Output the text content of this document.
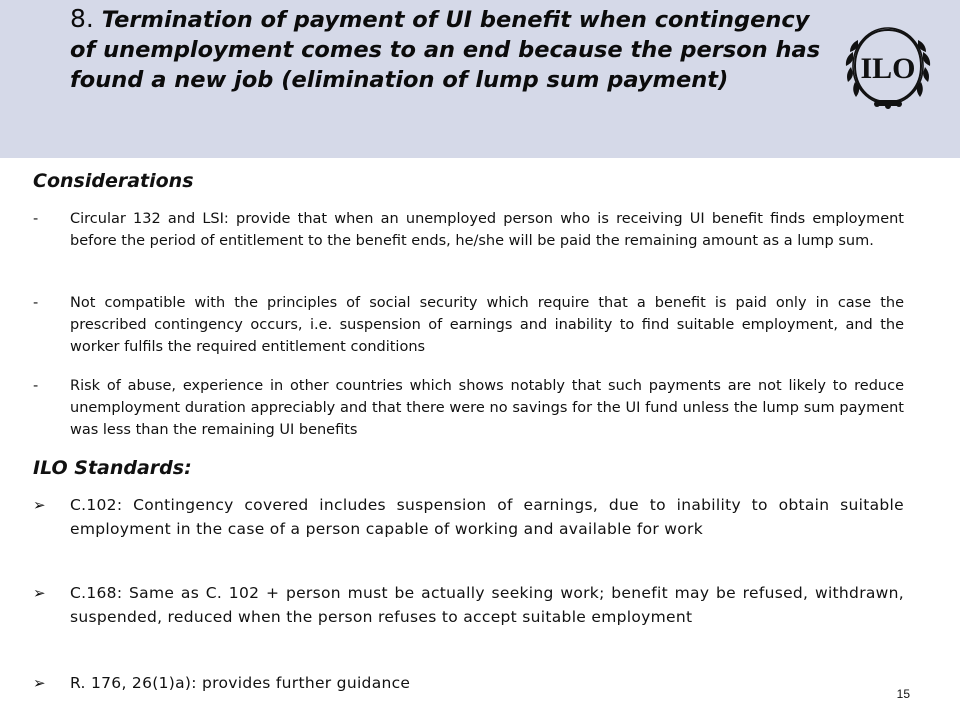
8. Termination of payment of UI benefit when contingency of unemployment comes to an end because the person has found a new job (elimination of lump sum payment)	ILO
Considerations
-	Circular 132 and LSI: provide that when an unemployed person who is receiving UI benefit finds employment before the period of entitlement to the benefit ends, he/she will be paid the remaining amount as a lump sum.
-	Not compatible with the principles of social security which require that a benefit is paid only in case the prescribed contingency occurs, i.e. suspension of earnings and inability to find suitable employment, and the worker fulfils the required entitlement conditions
-	Risk of abuse, experience in other countries which shows notably that such payments are not likely to reduce unemployment duration appreciably and that there were no savings for the UI fund unless the lump sum payment was less than the remaining UI benefits
ILO Standards:
➢	C.102: Contingency covered includes suspension of earnings, due to inability to obtain suitable employment in the case of a person capable of working and available for work
➢	C.168: Same as C. 102 + person must be actually seeking work; benefit may be refused, withdrawn, suspended, reduced when the person refuses to accept suitable employment
➢	R. 176, 26(1)a): provides further guidance
15
